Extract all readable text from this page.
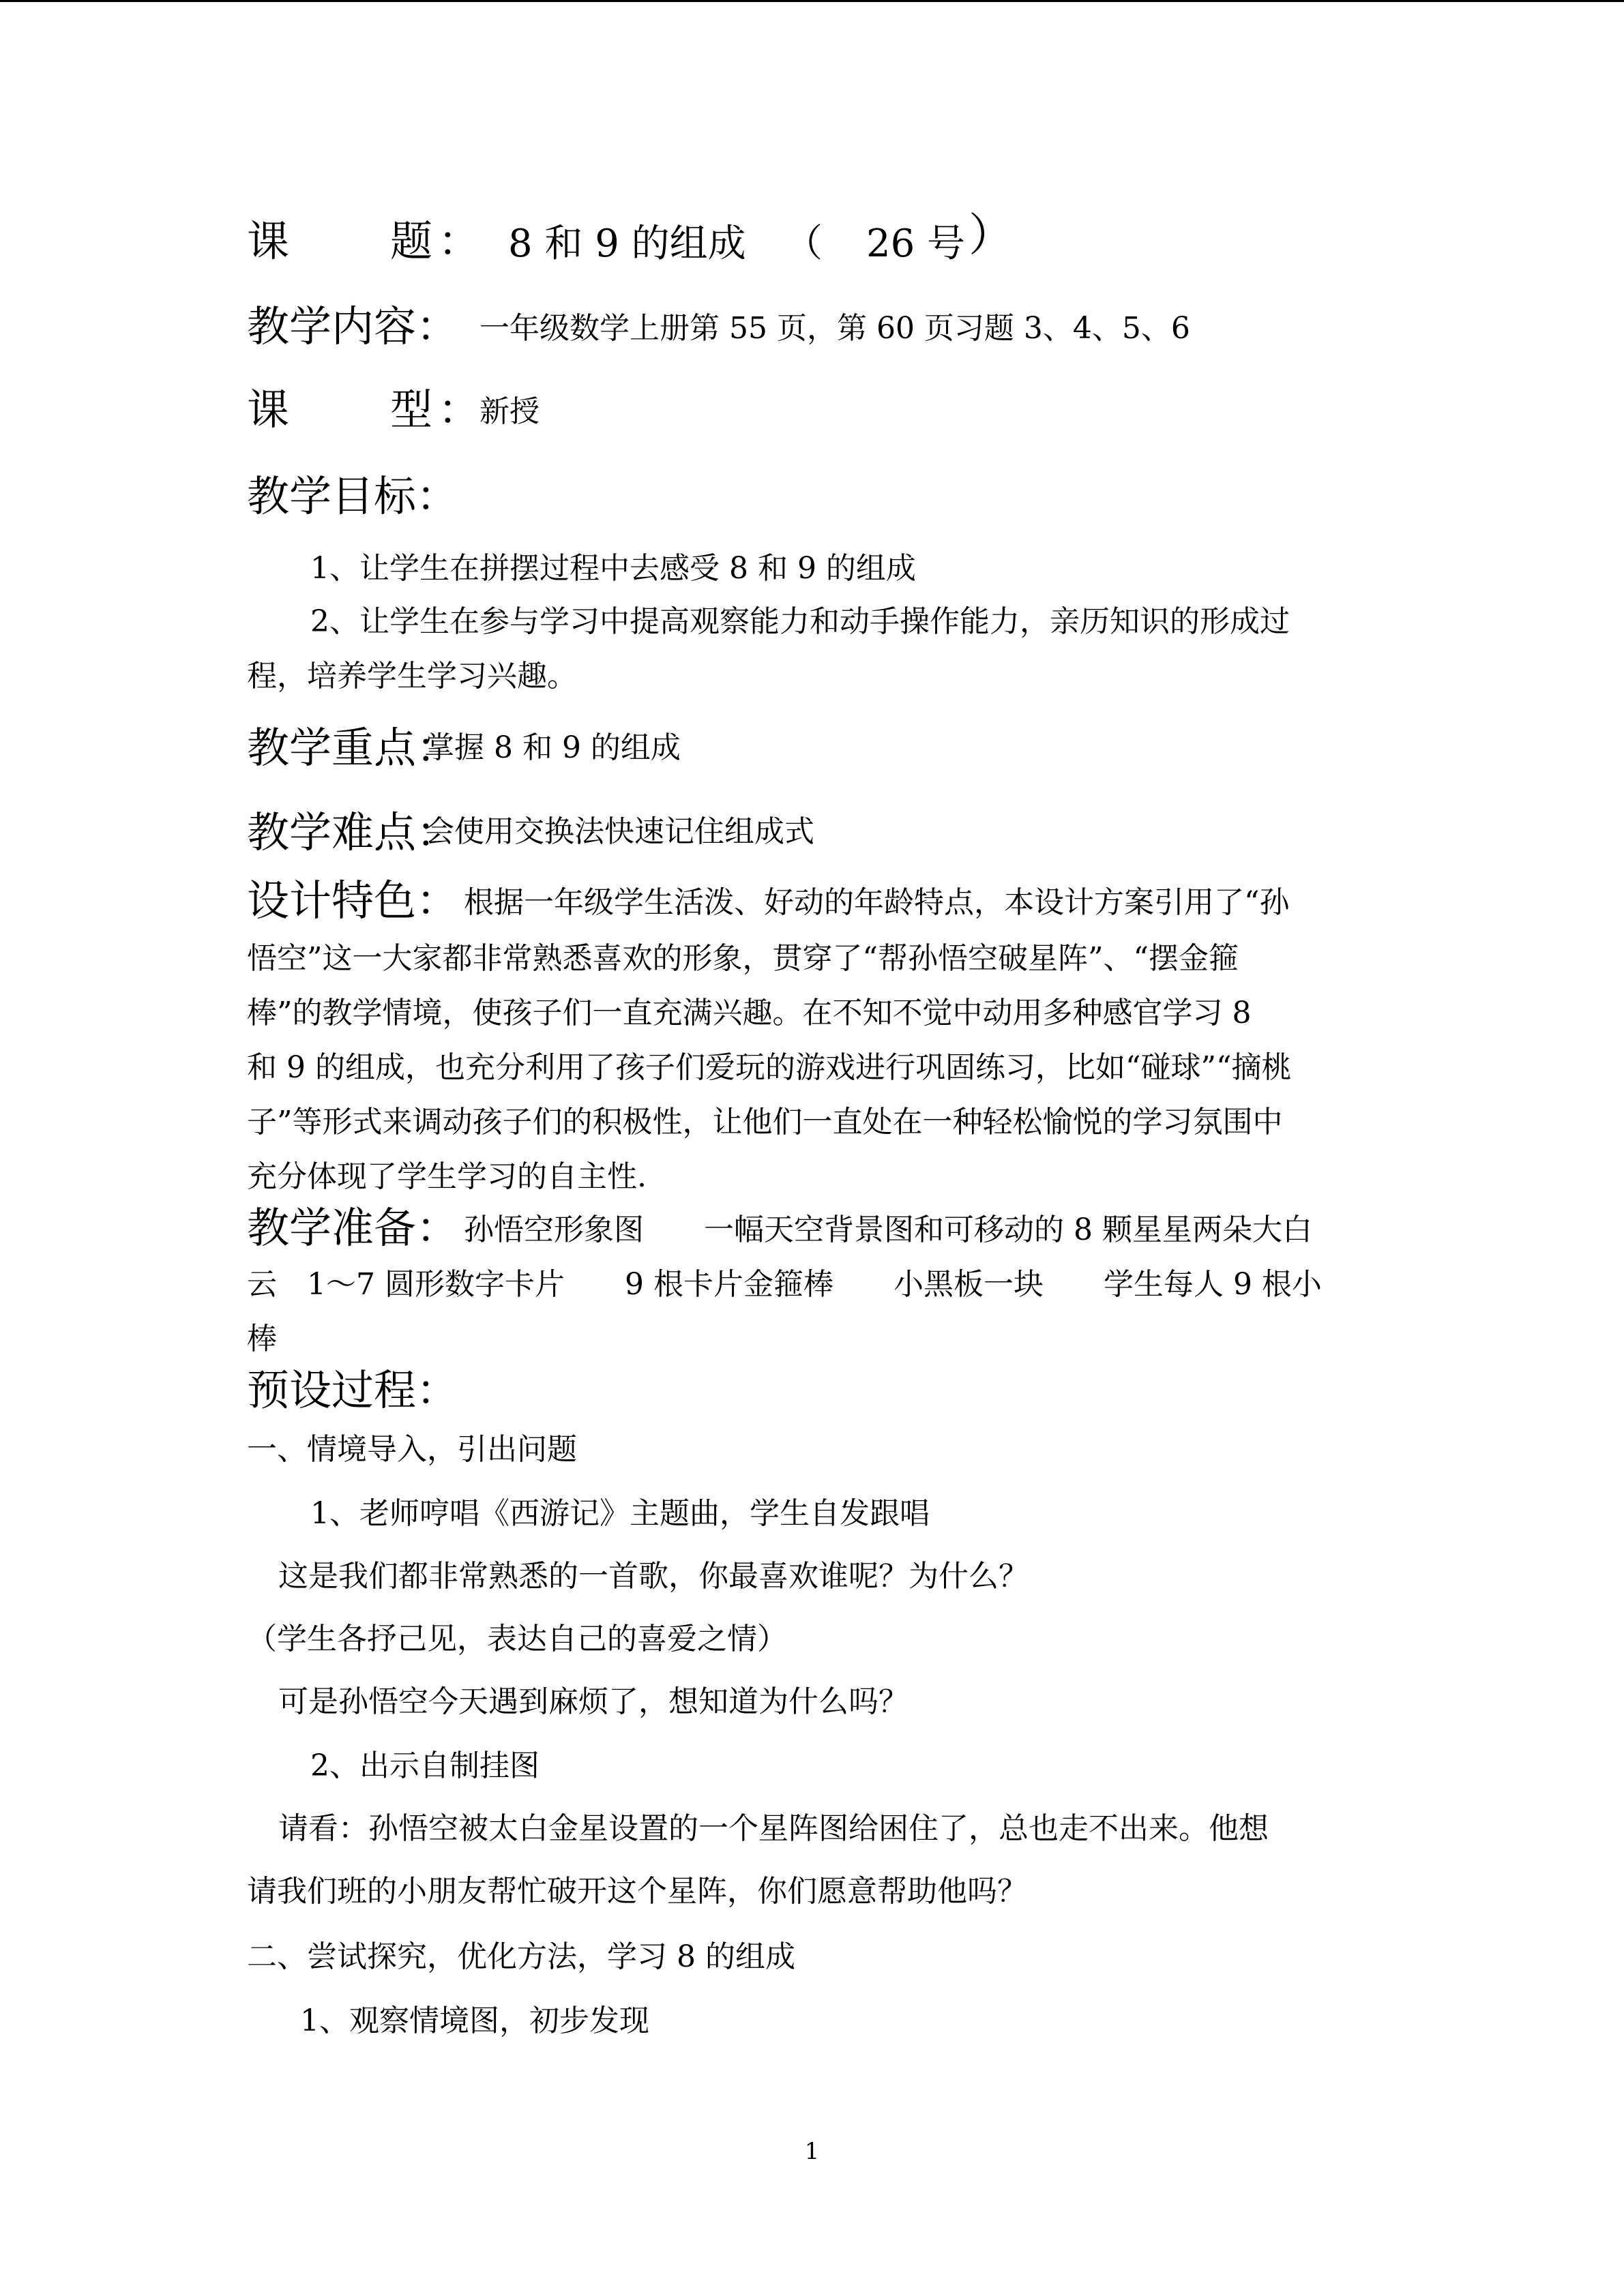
课　　题： 8 和 9 的组成 （ 26 号 ）
教学内容： 一年级数学上册第 55 页，第 60 页习题 3、4、5、6
课　　型：
新授
教学目标：
1、让学生在拼摆过程中去感受 8 和 9 的组成
2、让学生在参与学习中提高观察能力和动手操作能力，亲历知识的形成过
程，培养学生学习兴趣。
教学重点：
掌握 8 和 9 的组成
教学难点：
会使用交换法快速记住组成式
设计特色： 根据一年级学生活泼、好动的年龄特点，本设计方案引用了“孙
悟空”这一大家都非常熟悉喜欢的形象，贯穿了“帮孙悟空破星阵”、“摆金箍
棒”的教学情境，使孩子们一直充满兴趣。在不知不觉中动用多种感官学习 8
和 9 的组成，也充分利用了孩子们爱玩的游戏进行巩固练习，比如“碰球”“摘桃
子”等形式来调动孩子们的积极性，让他们一直处在一种轻松愉悦的学习氛围中
充分体现了学生学习的自主性.
教学准备： 孙悟空形象图　　一幅天空背景图和可移动的 8 颗星星两朵大白
云　1～7 圆形数字卡片　　9 根卡片金箍棒　　小黑板一块　　学生每人 9 根小
棒
预设过程：
一、情境导入，引出问题
1、老师哼唱《西游记》主题曲，学生自发跟唱
这是我们都非常熟悉的一首歌，你最喜欢谁呢？为什么？
（学生各抒己见，表达自己的喜爱之情）
可是孙悟空今天遇到麻烦了，想知道为什么吗？
2、出示自制挂图
请看：孙悟空被太白金星设置的一个星阵图给困住了，总也走不出来。他想
请我们班的小朋友帮忙破开这个星阵，你们愿意帮助他吗？
二、尝试探究，优化方法，学习 8 的组成
1、观察情境图，初步发现
1
